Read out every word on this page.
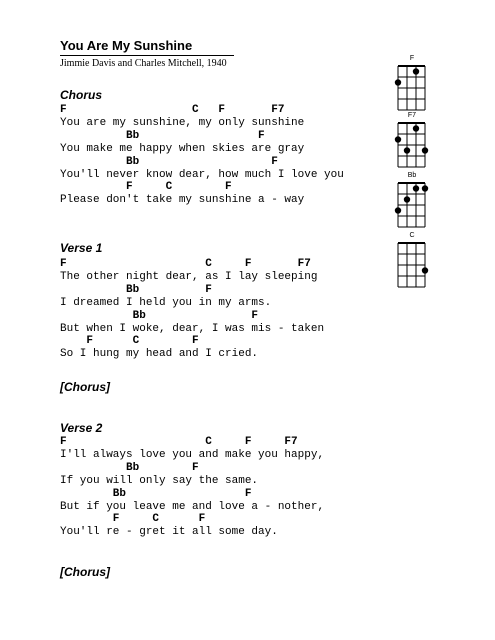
You Are My Sunshine
Jimmie Davis and Charles Mitchell, 1940
Chorus
F                   C   F       F7
You are my sunshine, my only sunshine
Bb                  F
You make me happy when skies are gray
Bb                    F
You'll never know dear, how much I love you
F     C        F
Please don't take my sunshine a - way
Verse 1
F                     C     F       F7
The other night dear, as I lay sleeping
Bb          F
I dreamed I held you in my arms.
Bb                F
But when I woke, dear, I was mis - taken
F      C        F
So I hung my head and I cried.
[Chorus]
Verse 2
F                     C     F     F7
I'll always love you and make you happy,
Bb        F
If you will only say the same.
Bb                  F
But if you leave me and love a - nother,
F     C      F
You'll re - gret it all some day.
[Chorus]
F
F7
Bb
C
